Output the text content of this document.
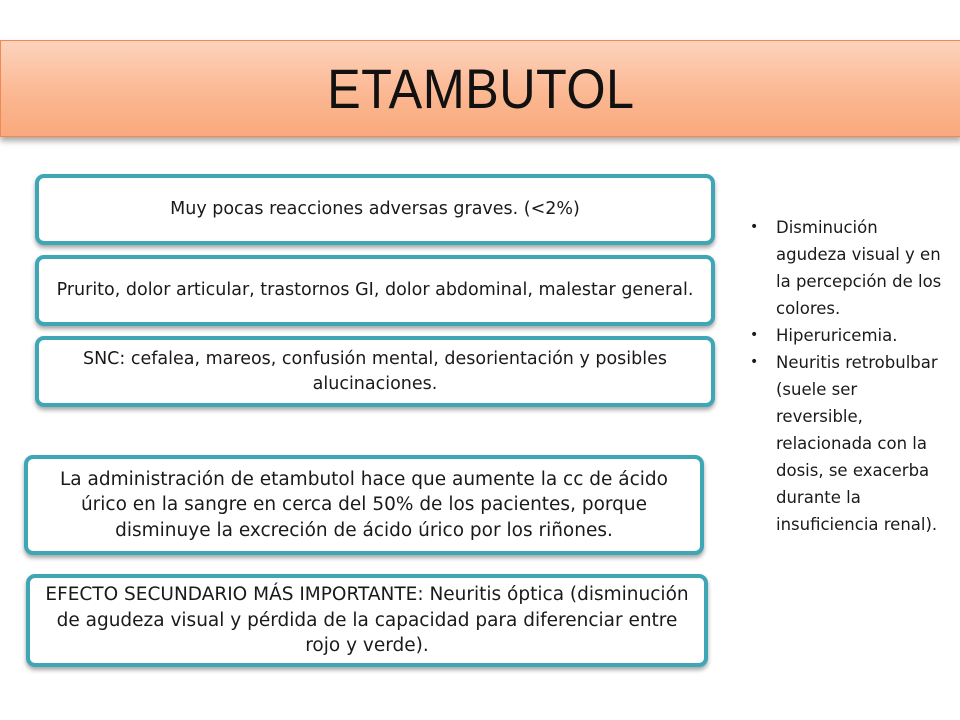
ETAMBUTOL
Muy pocas reacciones adversas graves. (<2%)
Prurito, dolor articular, trastornos GI, dolor abdominal, malestar general.
SNC: cefalea, mareos, confusión mental, desorientación y posibles alucinaciones.
La administración de etambutol hace que aumente la cc de ácido úrico en la sangre en cerca del 50% de los pacientes, porque disminuye la excreción de ácido úrico por los riñones.
EFECTO SECUNDARIO MÁS IMPORTANTE: Neuritis óptica (disminución de agudeza visual y pérdida de la capacidad para diferenciar entre rojo y verde).
• Disminución agudeza visual y en la percepción de los colores.
• Hiperuricemia.
• Neuritis retrobulbar (suele ser reversible, relacionada con la dosis, se exacerba durante la insuficiencia renal).
